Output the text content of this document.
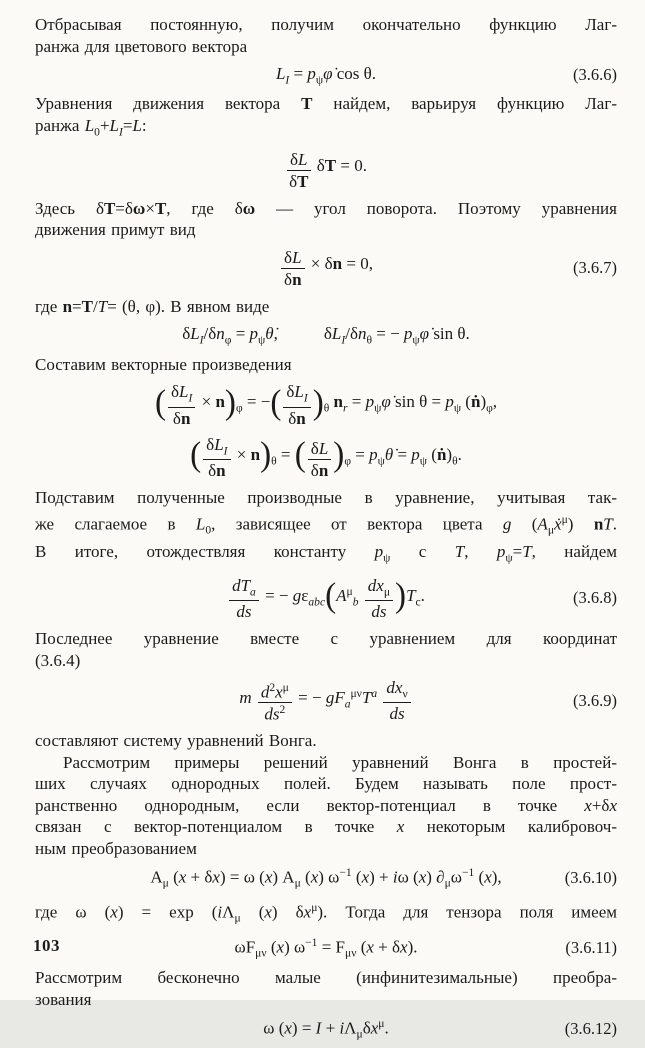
Отбрасывая постоянную, получим окончательно функцию Лаг-
ранжа для цветового вектора
$L_I$ = $p_\psi\varphi̇$ cos θ.	(3.6.6)
Уравнения движения вектора T найдем, варьируя функцию Лаг-
ранжа $L_0+L_I=L$:
$\frac{\delta L}{\delta T}$ δT = 0.
Здесь δT=δω×T, где δω — угол поворота. Поэтому уравнения
движения примут вид
$\frac{\delta L}{\delta n} \times \delta n = 0$,	(3.6.7)
где n=T/T= (θ, φ). В явном виде
$\delta L_I/\delta n_\varphi$ = $p_\psi\thetȧ$,	$\delta L_I/\delta n_\theta$ = − $p_\psi\varphi̇$ sin θ.
Составим векторные произведения
( $\frac{\delta L_I}{\delta n} \times n)_\varphi$ = −( $\frac{\delta L_I}{\delta n} )_\theta$ $n_r$ = $p_\psi\varphi̇$ $\sin \theta = p_\psi$ $(ṅ)_\varphi$,
( $\frac{\delta L_I}{\delta n} \times n)_\theta$ = ( $\frac{\delta L}{\delta n} )_\varphi$ = $p_\psi\thetȧ = p_\psi$ $(ṅ)_\theta$.
Подставим полученные производные в уравнение, учитывая так-
же слагаемое в $L_0$, зависящее от вектора цвета g $(A_\mu ẋ^\mu)$ nT.
В итоге, отождествляя константу $p_\psi$ с T, $p_\psi=T$, найдем
$\frac{dT_a}{ds}$ = − $g\varepsilon_{abc}(A^\mu_b \frac{dx_\mu}{ds} )T_c$.	(3.6.8)
Последнее уравнение вместе с уравнением для координат
(3.6.4)
m $\frac{d^2x^\mu}{ds^2}$ = − $gF_a^{\mu\nu}T^a \frac{dx_\nu}{ds}$	(3.6.9)
составляют систему уравнений Вонга.
Рассмотрим примеры решений уравнений Вонга в простей-
ших случаях однородных полей. Будем называть поле прост-
ранственно однородным, если вектор-потенциал в точке x+δx
связан с вектор-потенциалом в точке x некоторым калибровоч-
ным преобразованием
$A_\mu$ (x + δx) = ω (x) $A_\mu$ (x) $\omega^{-1}$ (x) + iω (x) $\partial_\mu\omega^{-1}$ (x),	(3.6.10)
где ω $(x) = \exp (i\Lambda_\mu$ (x) $\delta x^\mu$). Тогда для тензора поля имеем
$\omega F_{\mu\nu}$ (x) $\omega^{-1} = F_{\mu\nu}$ (x + δx).	(3.6.11)
Рассмотрим бесконечно малые (инфинитезимальные) преобра-
зования
ω $(x) = I + i\Lambda_\mu\delta x^\mu$.	(3.6.12)
103
